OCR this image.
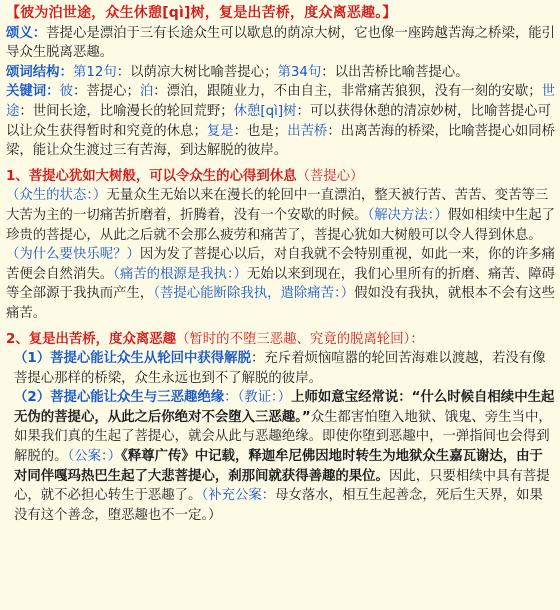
【彼为泊世途，众生休憩[qì]树，复是出苦桥，度众离恶趣。】
颂义：菩提心是漂泊于三有长途众生可以歇息的荫凉大树，它也像一座跨越苦海之桥梁，能引导众生脱离恶趣。
颂词结构：第12句：以荫凉大树比喻菩提心；第34句：以出苦桥比喻菩提心。
关键词：彼：菩提心；泊：漂泊，跟随业力，不由自主，非常痛苦狼狈，没有一刻的安歇；世途：世间长途，比喻漫长的轮回荒野；休憩[qì]树：可以获得休憩的清凉妙树，比喻菩提心可以让众生获得暂时和究竟的休息；复是：也是；出苦桥：出离苦海的桥梁，比喻菩提心如同桥梁，能让众生渡过三有苦海，到达解脱的彼岸。
1、菩提心犹如大树般，可以令众生的心得到休息（菩提心）
（众生的状态：）无量众生无始以来在漫长的轮回中一直漂泊，整天被行苦、苦苦、变苦等三大苦为主的一切痛苦折磨着，折腾着，没有一个安歇的时候。（解决方法：）假如相续中生起了珍贵的菩提心，从此之后就不会那么疲劳和痛苦了，菩提心犹如大树般可以令人得到休息。（为什么要快乐呢？）因为发了菩提心以后，对自我就不会特别重视，如此一来，你的许多痛苦便会自然消失。（痛苦的根源是我执：）无始以来到现在，我们心里所有的折磨、痛苦、障碍等全部源于我执而产生，（菩提心能断除我执，遣除痛苦：）假如没有我执，就根本不会有这些痛苦。
2、复是出苦桥，度众离恶趣（暂时的不堕三恶趣、究竟的脱离轮回）：
（1）菩提心能让众生从轮回中获得解脱：充斥着烦恼喧嚣的轮回苦海难以渡越，若没有像菩提心那样的桥梁，众生永远也到不了解脱的彼岸。
（2）菩提心能让众生与三恶趣绝缘：（教证：）上师如意宝经常说：“什么时候自相续中生起无伪的菩提心，从此之后你绝对不会堕入三恶趣。”众生都害怕堕入地狱、饿鬼、旁生当中，如果我们真的生起了菩提心，就会从此与恶趣绝缘。即使你堕到恶趣中，一弹指间也会得到解脱的。（公案：）《释尊广传》中记载，释迦牟尼佛因地时转生为地狱众生嘉瓦谢达，由于对同伴嘎玛热巴生起了大悲菩提心，刹那间就获得善趣的果位。因此，只要相续中具有菩提心，就不必担心转生于恶趣了。（补充公案：母女落水，相互生起善念，死后生天界，如果没有这个善念，堕恶趣也不一定。）
